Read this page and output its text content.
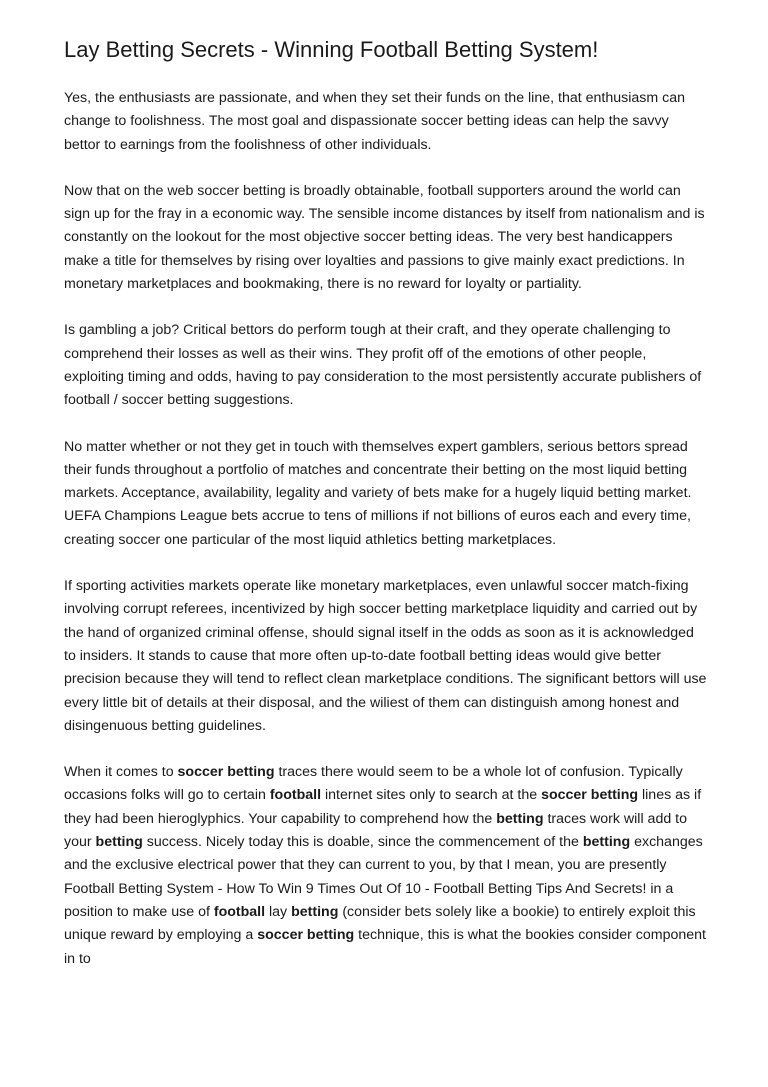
Lay Betting Secrets - Winning Football Betting System!

Yes, the enthusiasts are passionate, and when they set their funds on the line, that enthusiasm can change to foolishness. The most goal and dispassionate soccer betting ideas can help the savvy bettor to earnings from the foolishness of other individuals.

Now that on the web soccer betting is broadly obtainable, football supporters around the world can sign up for the fray in a economic way. The sensible income distances by itself from nationalism and is constantly on the lookout for the most objective soccer betting ideas. The very best handicappers make a title for themselves by rising over loyalties and passions to give mainly exact predictions. In monetary marketplaces and bookmaking, there is no reward for loyalty or partiality.

Is gambling a job? Critical bettors do perform tough at their craft, and they operate challenging to comprehend their losses as well as their wins. They profit off of the emotions of other people, exploiting timing and odds, having to pay consideration to the most persistently accurate publishers of football / soccer betting suggestions.

No matter whether or not they get in touch with themselves expert gamblers, serious bettors spread their funds throughout a portfolio of matches and concentrate their betting on the most liquid betting markets. Acceptance, availability, legality and variety of bets make for a hugely liquid betting market. UEFA Champions League bets accrue to tens of millions if not billions of euros each and every time, creating soccer one particular of the most liquid athletics betting marketplaces.

If sporting activities markets operate like monetary marketplaces, even unlawful soccer match-fixing involving corrupt referees, incentivized by high soccer betting marketplace liquidity and carried out by the hand of organized criminal offense, should signal itself in the odds as soon as it is acknowledged to insiders. It stands to cause that more often up-to-date football betting ideas would give better precision because they will tend to reflect clean marketplace conditions. The significant bettors will use every little bit of details at their disposal, and the wiliest of them can distinguish among honest and disingenuous betting guidelines.

When it comes to soccer betting traces there would seem to be a whole lot of confusion. Typically occasions folks will go to certain football internet sites only to search at the soccer betting lines as if they had been hieroglyphics. Your capability to comprehend how the betting traces work will add to your betting success. Nicely today this is doable, since the commencement of the betting exchanges and the exclusive electrical power that they can current to you, by that I mean, you are presently Football Betting System - How To Win 9 Times Out Of 10 - Football Betting Tips And Secrets! in a position to make use of football lay betting (consider bets solely like a bookie) to entirely exploit this unique reward by employing a soccer betting technique, this is what the bookies consider component in to
